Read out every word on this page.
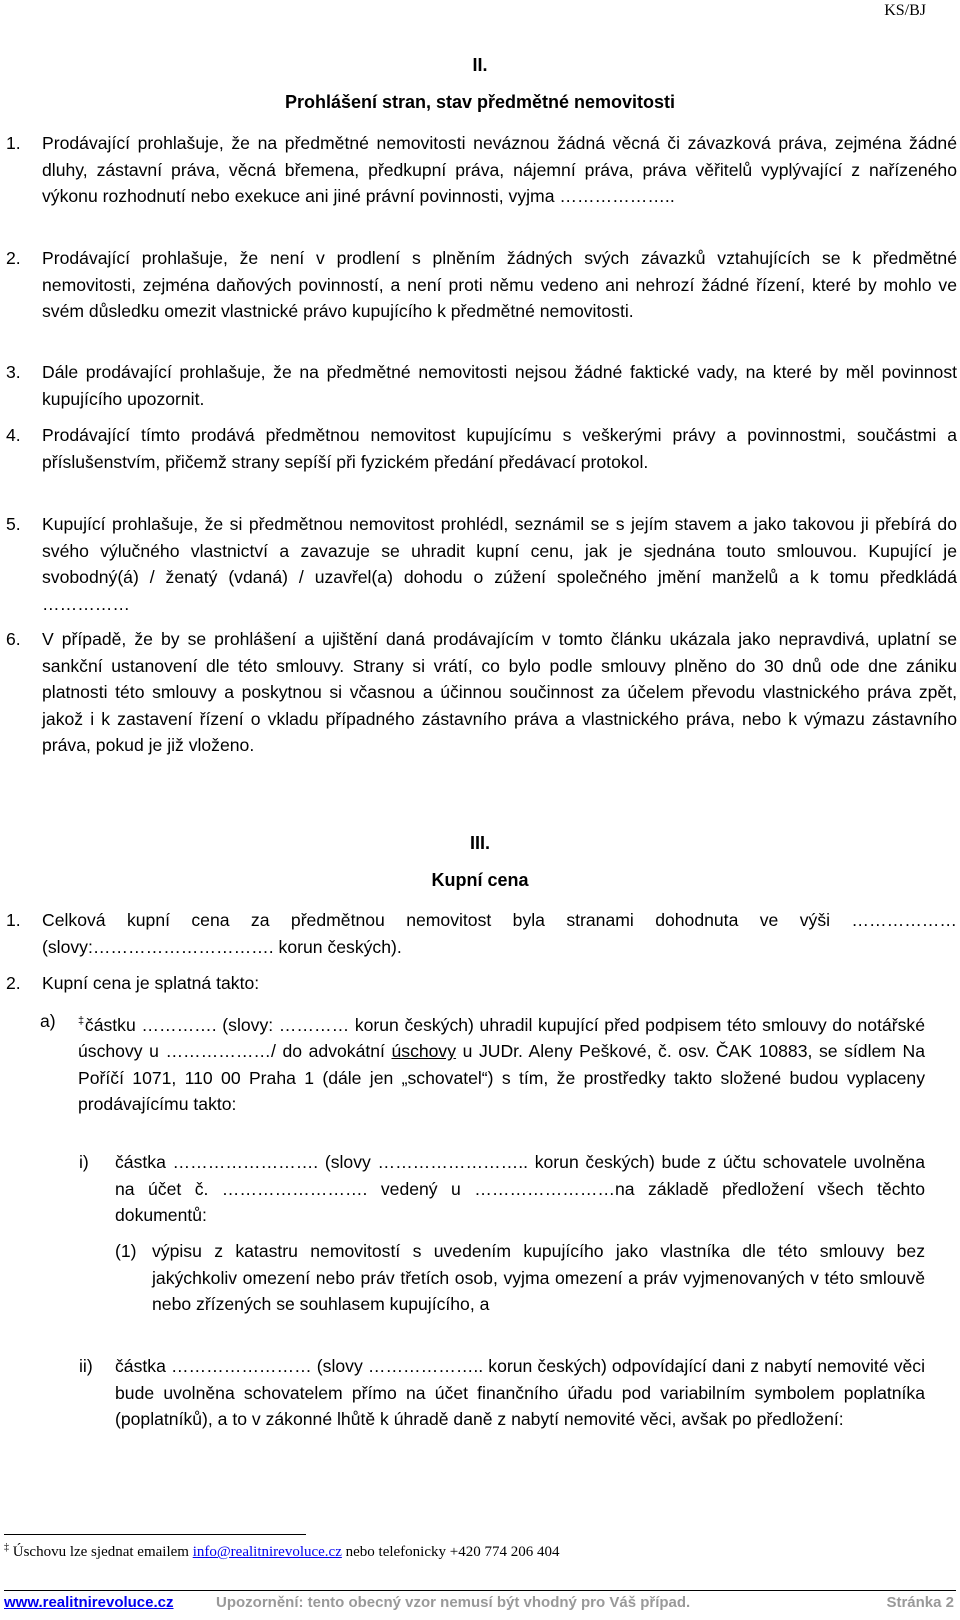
KS/BJ
II.
Prohlášení stran, stav předmětné nemovitosti
1. Prodávající prohlašuje, že na předmětné nemovitosti neváznou žádná věcná či závazková práva, zejména žádné dluhy, zástavní práva, věcná břemena, předkupní práva, nájemní práva, práva věřitelů vyplývající z nařízeného výkonu rozhodnutí nebo exekuce ani jiné právní povinnosti, vyjma ………………..
2. Prodávající prohlašuje, že není v prodlení s plněním žádných svých závazků vztahujících se k předmětné nemovitosti, zejména daňových povinností, a není proti němu vedeno ani nehrozí žádné řízení, které by mohlo ve svém důsledku omezit vlastnické právo kupujícího k předmětné nemovitosti.
3. Dále prodávající prohlašuje, že na předmětné nemovitosti nejsou žádné faktické vady, na které by měl povinnost kupujícího upozornit.
4. Prodávající tímto prodává předmětnou nemovitost kupujícímu s veškerými právy a povinnostmi, součástmi a příslušenstvím, přičemž strany sepíší při fyzickém předání předávací protokol.
5. Kupující prohlašuje, že si předmětnou nemovitost prohlédl, seznámil se s jejím stavem a jako takovou ji přebírá do svého výlučného vlastnictví a zavazuje se uhradit kupní cenu, jak je sjednána touto smlouvou. Kupující je svobodný(á) / ženatý (vdaná) / uzavřel(a) dohodu o zúžení společného jmění manželů a k tomu předkládá ……………
6. V případě, že by se prohlášení a ujištění daná prodávajícím v tomto článku ukázala jako nepravdivá, uplatní se sankční ustanovení dle této smlouvy. Strany si vrátí, co bylo podle smlouvy plněno do 30 dnů ode dne zániku platnosti této smlouvy a poskytnou si včasnou a účinnou součinnost za účelem převodu vlastnického práva zpět, jakož i k zastavení řízení o vkladu případného zástavního práva a vlastnického práva, nebo k výmazu zástavního práva, pokud je již vloženo.
III.
Kupní cena
1. Celková kupní cena za předmětnou nemovitost byla stranami dohodnuta ve výši ……………… (slovy:…………………………. korun českých).
2. Kupní cena je splatná takto:
a) ‡částku …………. (slovy: ………… korun českých) uhradil kupující před podpisem této smlouvy do notářské úschovy u ………………/ do advokátní úschovy u JUDr. Aleny Peškové, č. osv. ČAK 10883, se sídlem Na Poříčí 1071, 110 00 Praha 1 (dále jen „schovatel“) s tím, že prostředky takto složené budou vyplaceny prodávajícímu takto:
i) částka ……………………. (slovy …………………….. korun českých) bude z účtu schovatele uvolněna na účet č. ……………………. vedený u ……………………na základě předložení všech těchto dokumentů:
(1) výpisu z katastru nemovitostí s uvedením kupujícího jako vlastníka dle této smlouvy bez jakýchkoliv omezení nebo práv třetích osob, vyjma omezení a práv vyjmenovaných v této smlouvě nebo zřízených se souhlasem kupujícího, a
ii) částka …………………… (slovy ……………….. korun českých) odpovídající dani z nabytí nemovité věci bude uvolněna schovatelem přímo na účet finančního úřadu pod variabilním symbolem poplatníka (poplatníků), a to v zákonné lhůtě k úhradě daně z nabytí nemovité věci, avšak po předložení:
‡ Úschovu lze sjednat emailem info@realitnirevoluce.cz nebo telefonicky +420 774 206 404
www.realitnirevoluce.cz	Upozornění: tento obecný vzor nemusí být vhodný pro Váš případ.	Stránka 2
